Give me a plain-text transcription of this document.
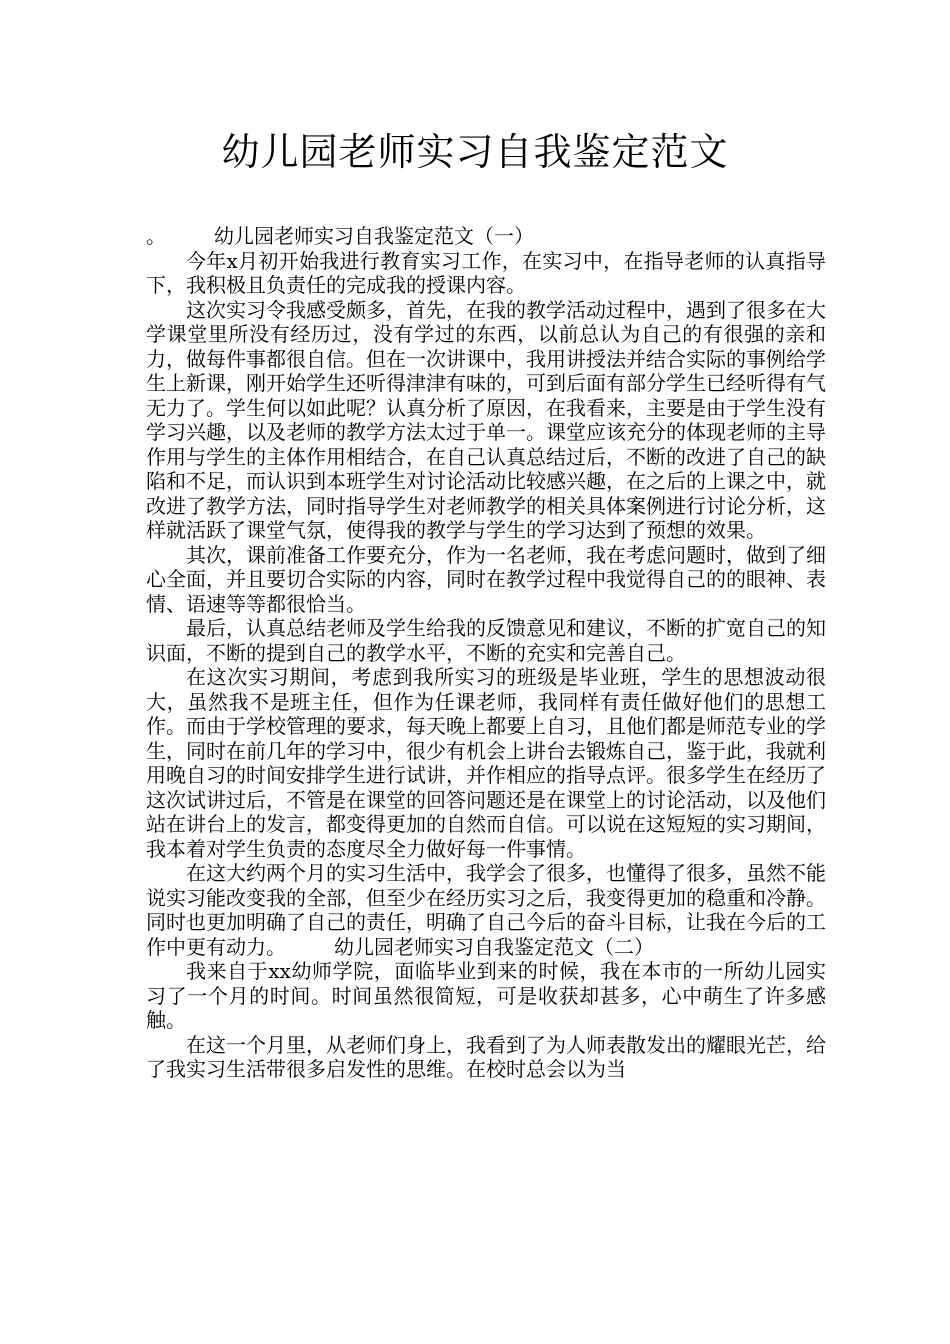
幼儿园老师实习自我鉴定范文

。 幼儿园老师实习自我鉴定范文（一）

今年x月初开始我进行教育实习工作，在实习中，在指导老师的认真指导下，我积极且负责任的完成我的授课内容。

这次实习令我感受颇多，首先，在我的教学活动过程中，遇到了很多在大学课堂里所没有经历过，没有学过的东西，以前总认为自己的有很强的亲和力，做每件事都很自信。但在一次讲课中，我用讲授法并结合实际的事例给学生上新课，刚开始学生还听得津津有味的，可到后面有部分学生已经听得有气无力了。学生何以如此呢？认真分析了原因，在我看来，主要是由于学生没有学习兴趣，以及老师的教学方法太过于单一。课堂应该充分的体现老师的主导作用与学生的主体作用相结合，在自己认真总结过后，不断的改进了自己的缺陷和不足，而认识到本班学生对讨论活动比较感兴趣，在之后的上课之中，就改进了教学方法，同时指导学生对老师教学的相关具体案例进行讨论分析，这样就活跃了课堂气氛，使得我的教学与学生的学习达到了预想的效果。

其次，课前准备工作要充分，作为一名老师，我在考虑问题时，做到了细心全面，并且要切合实际的内容，同时在教学过程中我觉得自己的的眼神、表情、语速等等都很恰当。

最后，认真总结老师及学生给我的反馈意见和建议，不断的扩宽自己的知识面，不断的提到自己的教学水平，不断的充实和完善自己。

在这次实习期间，考虑到我所实习的班级是毕业班，学生的思想波动很大，虽然我不是班主任，但作为任课老师，我同样有责任做好他们的思想工作。而由于学校管理的要求，每天晚上都要上自习，且他们都是师范专业的学生，同时在前几年的学习中，很少有机会上讲台去锻炼自己，鉴于此，我就利用晚自习的时间安排学生进行试讲，并作相应的指导点评。很多学生在经历了这次试讲过后，不管是在课堂的回答问题还是在课堂上的讨论活动，以及他们站在讲台上的发言，都变得更加的自然而自信。可以说在这短短的实习期间，我本着对学生负责的态度尽全力做好每一件事情。

在这大约两个月的实习生活中，我学会了很多，也懂得了很多，虽然不能说实习能改变我的全部，但至少在经历实习之后，我变得更加的稳重和冷静。同时也更加明确了自己的责任，明确了自己今后的奋斗目标，让我在今后的工作中更有动力。 幼儿园老师实习自我鉴定范文（二）

我来自于xx幼师学院，面临毕业到来的时候，我在本市的一所幼儿园实习了一个月的时间。时间虽然很简短，可是收获却甚多，心中萌生了许多感触。

在这一个月里，从老师们身上，我看到了为人师表散发出的耀眼光芒，给了我实习生活带很多启发性的思维。在校时总会以为当
